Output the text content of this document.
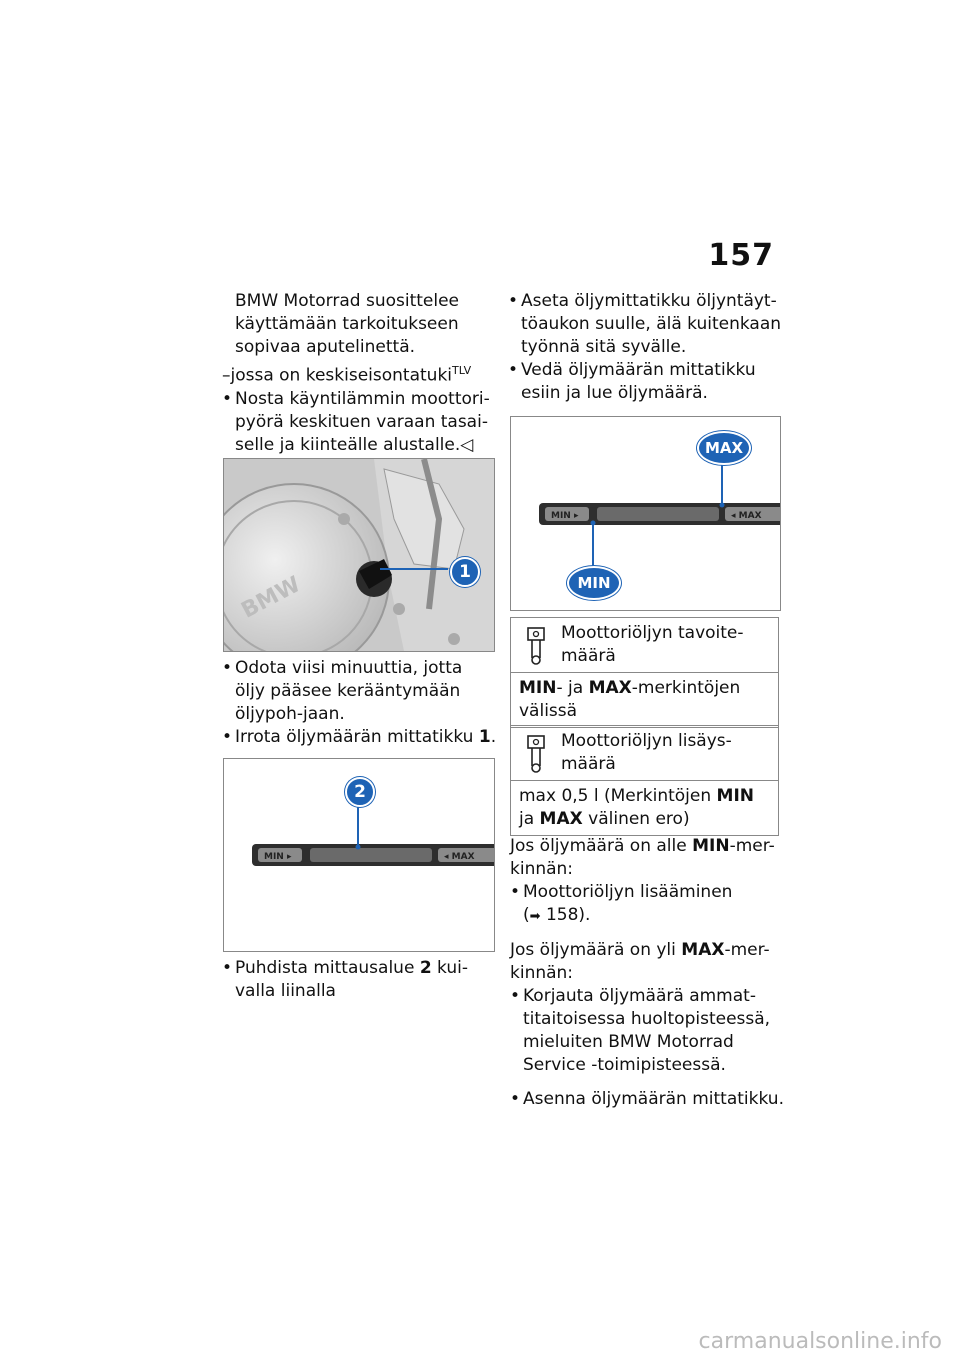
157

BMW Motorrad suosittelee käyttämään tarkoitukseen sopivaa aputelinettä.

–jossa on keskiseisontatuki$^{TLV}$

• Nosta käyntilämmin moottori-pyörä keskituen varaan tasai-selle ja kiinteälle alustalle.◁

BMW
1

• Odota viisi minuuttia, jotta öljy pääsee kerääntymään öljypoh-jaan.

• Irrota öljymäärän mittatikku 1.

MIN ▸	◂ MAX
2

• Puhdista mittausalue 2 kui-valla liinalla

• Aseta öljymittatikku öljyntäyt-töaukon suulle, älä kuitenkaan työnnä sitä syvälle.

• Vedä öljymäärän mittatikku esiin ja lue öljymäärä.

MIN ▸	◂ MAX
MAX
MIN
Moottoriöljyn tavoite-määrä
MIN- ja MAX-merkintöjen välissä
Moottoriöljyn lisäys-määrä
max 0,5 l (Merkintöjen MIN
ja MAX välinen ero)

Jos öljymäärä on alle MIN-mer-kinnän:

• Moottoriöljyn lisääminen

(➡ 158).

Jos öljymäärä on yli MAX-mer-kinnän:

• Korjauta öljymäärä ammat-titaitoisessa huoltopisteessä, mieluiten BMW Motorrad Service -toimipisteessä.

• Asenna öljymäärän mittatikku.

carmanualsonline.info
